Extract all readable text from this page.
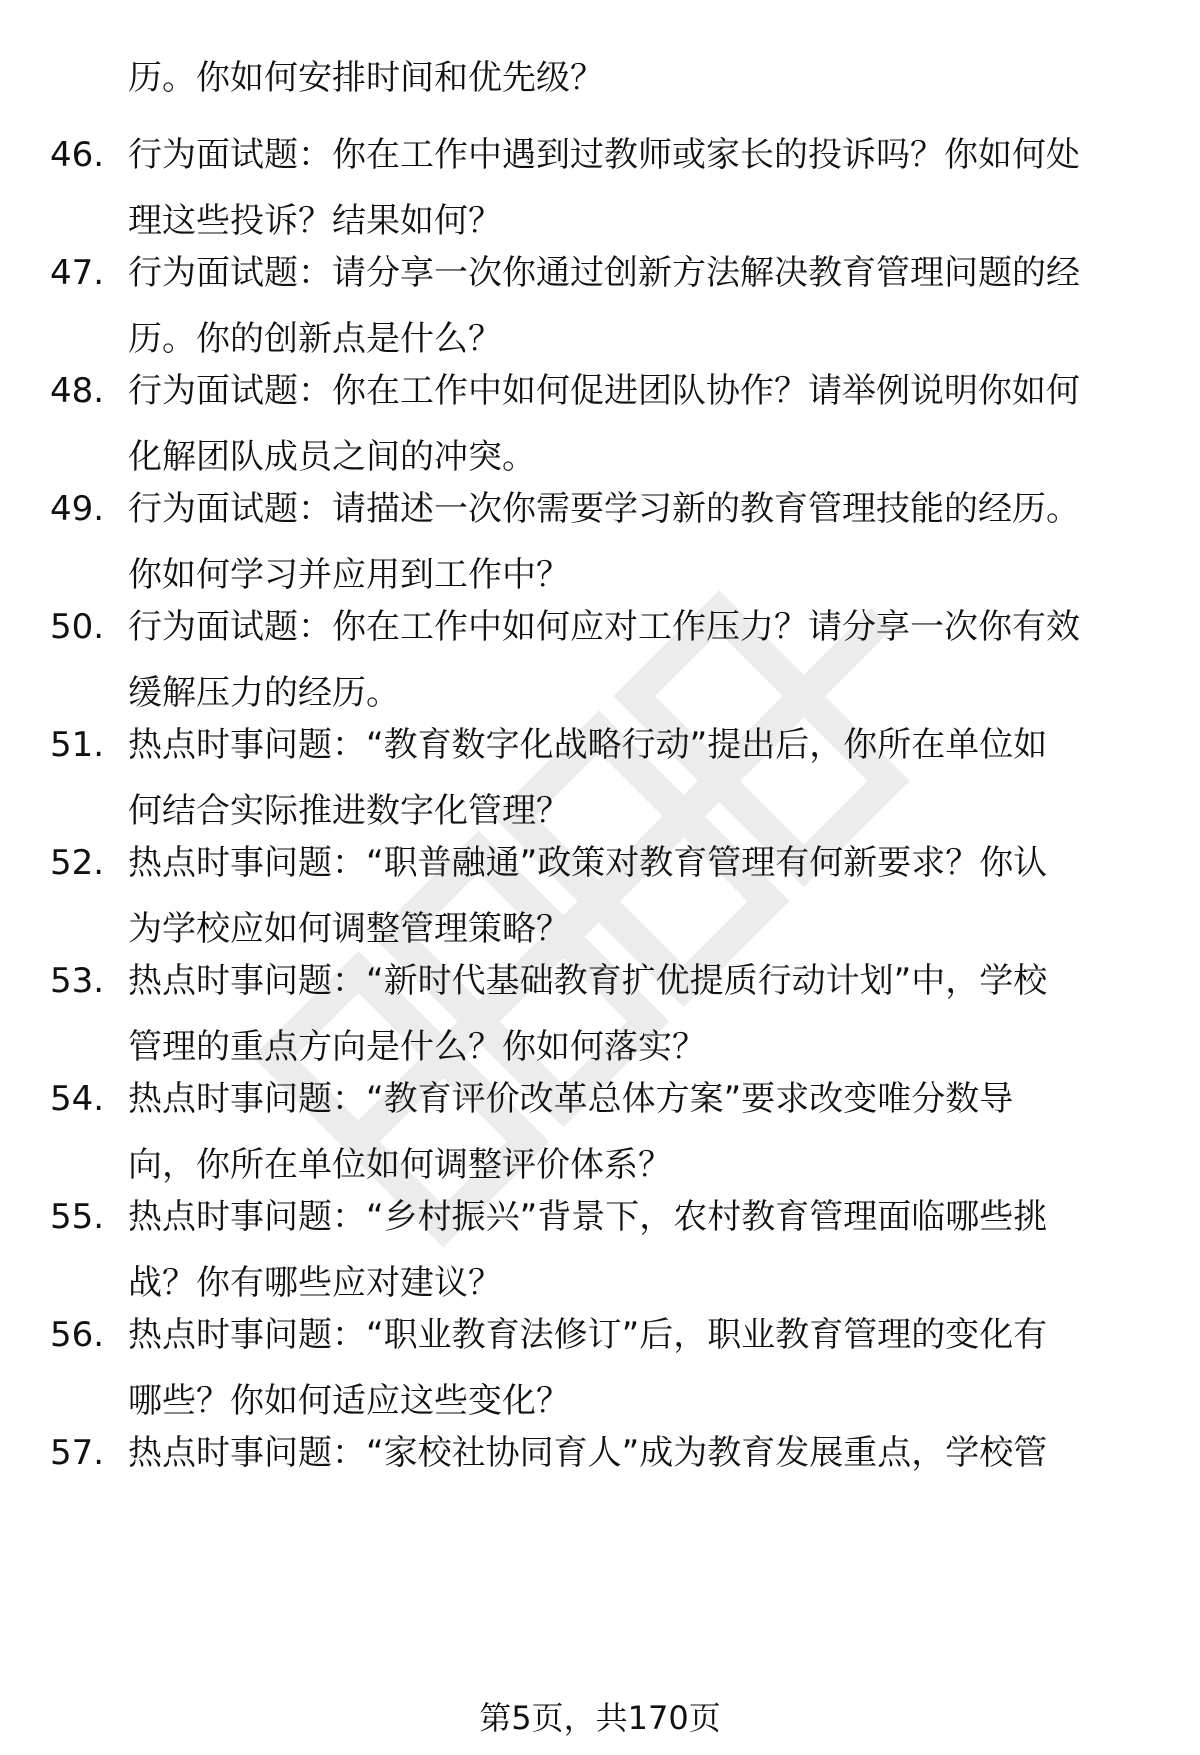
历。你如何安排时间和优先级？
46. 行为面试题：你在工作中遇到过教师或家长的投诉吗？你如何处
理这些投诉？结果如何？
47. 行为面试题：请分享一次你通过创新方法解决教育管理问题的经
历。你的创新点是什么？
48. 行为面试题：你在工作中如何促进团队协作？请举例说明你如何
化解团队成员之间的冲突。
49. 行为面试题：请描述一次你需要学习新的教育管理技能的经历。
你如何学习并应用到工作中？
50. 行为面试题：你在工作中如何应对工作压力？请分享一次你有效
缓解压力的经历。
51. 热点时事问题：“教育数字化战略行动”提出后，你所在单位如
何结合实际推进数字化管理？
52. 热点时事问题：“职普融通”政策对教育管理有何新要求？你认
为学校应如何调整管理策略？
53. 热点时事问题：“新时代基础教育扩优提质行动计划”中，学校
管理的重点方向是什么？你如何落实？
54. 热点时事问题：“教育评价改革总体方案”要求改变唯分数导
向，你所在单位如何调整评价体系？
55. 热点时事问题：“乡村振兴”背景下，农村教育管理面临哪些挑
战？你有哪些应对建议？
56. 热点时事问题：“职业教育法修订”后，职业教育管理的变化有
哪些？你如何适应这些变化？
57. 热点时事问题：“家校社协同育人”成为教育发展重点，学校管
第5页，共170页
